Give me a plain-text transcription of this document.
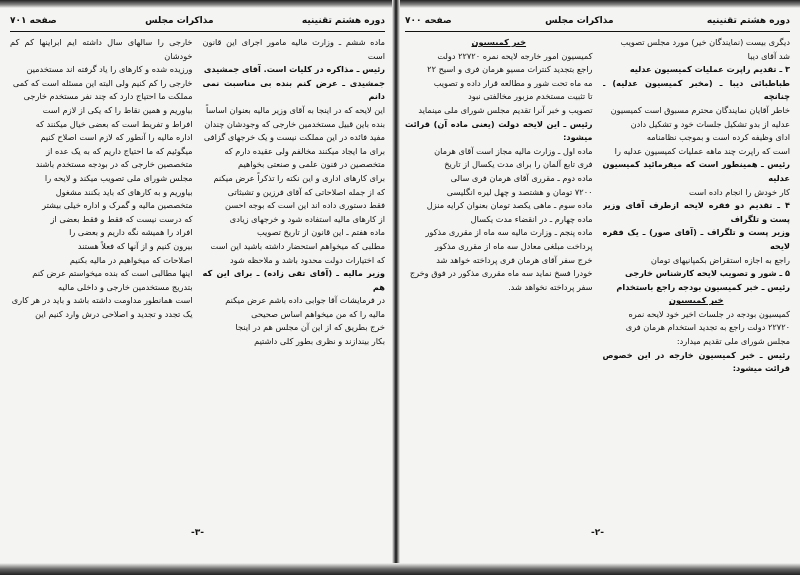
دوره هشتم تقنینیه
مذاکرات مجلس
صفحه ۷۰۱

ماده ششم ـ وزارت مالیه مامور اجرای این قانون است

رئیس ـ مذاکره در کلیات است. آقای جمشیدی

جمشیدی ـ عرض کنم بنده بی مناسبت نمی دانم

این لایحه که در اینجا به آقای وزیر مالیه بعنوان اساساً

بنده باین قبیل مستخدمین خارجی که وجودشان چندان

مفید فائده در این مملکت نیست و یک خرجهای گزافی

برای ما ایجاد میکنند مخالفم ولی عقیده دارم که

متخصصین در فنون علمی و صنعتی بخواهیم

برای کارهای اداری و این نکته را تذکراً عرض میکنم

که از جمله اصلاحاتی که آقای فرزین و تشبثاتی

فقط دستوری داده اند این است که بوجه احسن

از کارهای مالیه استفاده شود و خرجهای زیادی

ماده هفتم ـ این قانون از تاریخ تصویب

مطلبی که میخواهم استحضار داشته باشید این است

که اختیارات دولت محدود باشد و ملاحظه شود

وزیر مالیه ـ (آقای تقی زاده) ـ برای این که هم

در فرمایشات آقا جوابی داده باشم عرض میکنم

مالیه را که من میخواهم اساس صحیحی

خرج بطریق که از این آن مجلس هم در اینجا

بکار بیندازند و نظری بطور کلی داشتیم

خارجی را سالهای سال داشته ایم ابراینها کم کم خودشان

ورزیده شده و کارهای را یاد گرفته اند مستخدمین

خارجی را کم کنیم ولی البته این مسئله است که کمی

مملکت ما احتیاج دارد که چند نفر مستخدم خارجی

بیاوریم و همین نقاط را که یکی از لازم است

افراط و تفریط است که بعضی خیال میکنند که

اداره مالیه را آنطور که لازم است اصلاح کنیم

میگوئیم که ما احتیاج داریم که به یک عده از

متخصصین خارجی که در بودجه مستخدم باشند

مجلس شورای ملی تصویب میکند و لایحه را

بیاوریم و به کارهای که باید بکنند مشغول

متخصصین مالیه و گمرک و اداره خیلی بیشتر

که درست نیست که فقط و فقط بعضی از

افراد را همیشه نگه داریم و بعضی را

بیرون کنیم و از آنها که فعلاً هستند

اصلاحات که میخواهیم در مالیه بکنیم

اینها مطالبی است که بنده میخواستم عرض کنم

بتدریج مستخدمین خارجی و داخلی مالیه

است همانطور مداومت داشته باشد و باید در هر کاری

یک تجدد و تجدید و اصلاحی درش وارد کنیم این

-۳-
دوره هشتم تقنینیه
مذاکرات مجلس
صفحه ۷۰۰

دیگری بیست (نمایندگان خیر) مورد مجلس تصویب

شد آقای دیبا

۳ ـ تقدیم راپرت عملیات کمیسیون عدلیه

طباطبائی دیبا ـ (مخبر کمیسیون عدلیه) ـ چنانچه

خاطر آقایان نمایندگان محترم مسبوق است کمیسیون

عدلیه از بدو تشکیل جلسات خود و تشکیل دادن

ادای وظیفه کرده است و بموجب نظامنامه

است که راپرت چند ماهه عملیات کمیسیون عدلیه را

رئیس ـ همینطور است که میفرمائید کمیسیون عدلیه

کار خودش را انجام داده است

۴ ـ تقدیم دو فقره لایحه ازطرف آقای وزیر پست و تلگراف

وزیر پست و تلگراف ـ (آقای صور) ـ یک فقره لایحه

راجع به اجازه استقراض بکمپانیهای تومان

۵ ـ شور و تصویب لایحه کارشناس خارجی

رئیس ـ خبر کمیسیون بودجه راجع باستخدام

خبر کمیسیون

کمیسیون بودجه در جلسات اخیر خود لایحه نمره

۲۲۷۲۰ دولت راجع به تجدید استخدام هرمان فری

مجلس شورای ملی تقدیم میدارد:

رئیس ـ خبر کمیسیون خارجه در این خصوص قرائت میشود:

خبر کمیسیون

کمیسیون امور خارجه لایحه نمره ۲۲۷۲۰ دولت

راجع بتجدید کنترات مسیو هرمان فری و اسیح ۲۲

مه ماه تحت شور و مطالعه قرار داده و تصویب

تا تثبیت مستخدم مزبور مخالفتی نبود

تصویب و خبر آنرا تقدیم مجلس شورای ملی مینماید

رئیس ـ این لایحه دولت (یعنی ماده آن) قرائت میشود:

ماده اول ـ وزارت مالیه مجاز است آقای هرمان

فری تابع آلمان را برای مدت یکسال از تاریخ

ماده دوم ـ مقرری آقای هرمان فری سالی

۷۲۰۰ تومان و هشتصد و چهل لیره انگلیسی

ماده سوم ـ ماهی یکصد تومان بعنوان کرایه منزل

ماده چهارم ـ در انقضاء مدت یکسال

ماده پنجم ـ وزارت مالیه سه ماه از مقرری مذکور

پرداخت مبلغی معادل سه ماه از مقرری مذکور

خرج سفر آقای هرمان فری پرداخته خواهد شد

خودرا فسخ نماید سه ماه مقرری مذکور در فوق وخرج

سفر پرداخته نخواهد شد.

-۲-
